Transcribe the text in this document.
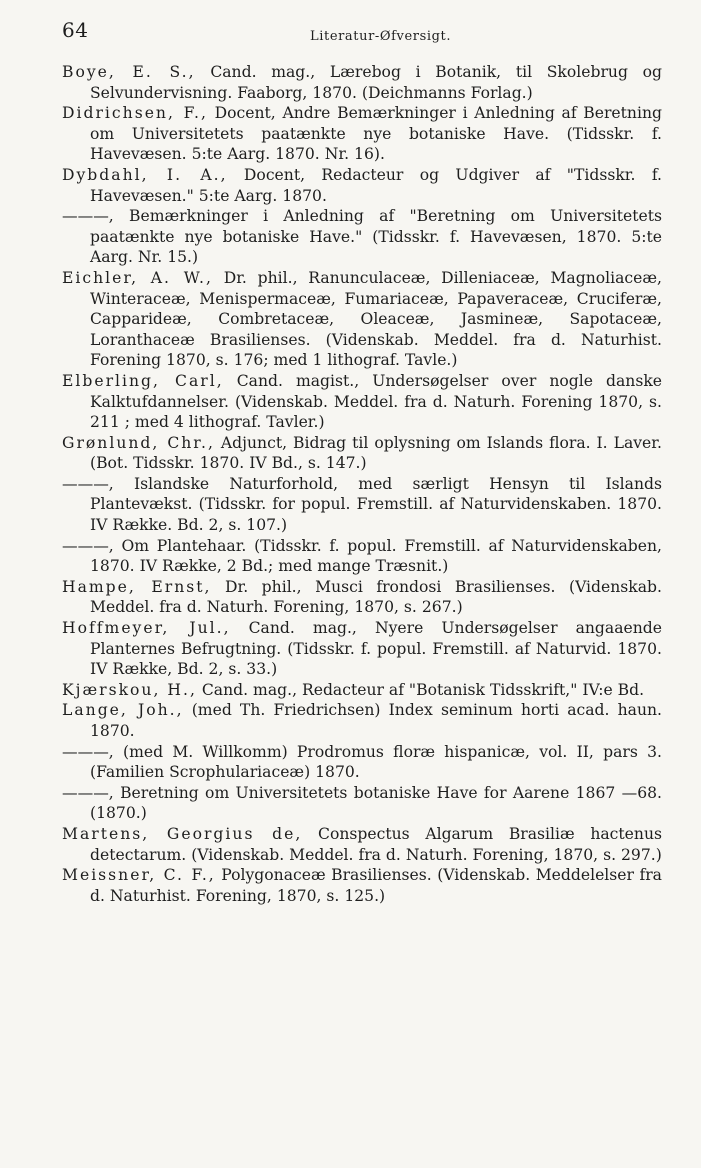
64	Literatur-Øfversigt.

Boye, E. S., Cand. mag., Lærebog i Botanik, til Skolebrug og Selvundervisning. Faaborg, 1870. (Deichmanns Forlag.)

Didrichsen, F., Docent, Andre Bemærkninger i Anledning af Beretning om Universitetets paatænkte nye botaniske Have. (Tidsskr. f. Havevæsen. 5:te Aarg. 1870. Nr. 16).

Dybdahl, I. A., Docent, Redacteur og Udgiver af "Tidsskr. f. Havevæsen." 5:te Aarg. 1870.

———, Bemærkninger i Anledning af "Beretning om Universitetets paatænkte nye botaniske Have." (Tidsskr. f. Havevæsen, 1870. 5:te Aarg. Nr. 15.)

Eichler, A. W., Dr. phil., Ranunculaceæ, Dilleniaceæ, Magnoliaceæ, Winteraceæ, Menispermaceæ, Fumariaceæ, Papaveraceæ, Cruciferæ, Capparideæ, Combretaceæ, Oleaceæ, Jasmineæ, Sapotaceæ, Loranthaceæ Brasilienses. (Videnskab. Meddel. fra d. Naturhist. Forening 1870, s. 176; med 1 lithograf. Tavle.)

Elberling, Carl, Cand. magist., Undersøgelser over nogle danske Kalktufdannelser. (Videnskab. Meddel. fra d. Naturh. Forening 1870, s. 211 ; med 4 lithograf. Tavler.)

Grønlund, Chr., Adjunct, Bidrag til oplysning om Islands flora. I. Laver. (Bot. Tidsskr. 1870. IV Bd., s. 147.)

———, Islandske Naturforhold, med særligt Hensyn til Islands Plantevækst. (Tidsskr. for popul. Fremstill. af Naturvidenskaben. 1870. IV Række. Bd. 2, s. 107.)

———, Om Plantehaar. (Tidsskr. f. popul. Fremstill. af Naturvidenskaben, 1870. IV Række, 2 Bd.; med mange Træsnit.)

Hampe, Ernst, Dr. phil., Musci frondosi Brasilienses. (Videnskab. Meddel. fra d. Naturh. Forening, 1870, s. 267.)

Hoffmeyer, Jul., Cand. mag., Nyere Undersøgelser angaaende Planternes Befrugtning. (Tidsskr. f. popul. Fremstill. af Naturvid. 1870. IV Række, Bd. 2, s. 33.)

Kjærskou, H., Cand. mag., Redacteur af "Botanisk Tidsskrift," IV:e Bd.

Lange, Joh., (med Th. Friedrichsen) Index seminum horti acad. haun. 1870.

———, (med M. Willkomm) Prodromus floræ hispanicæ, vol. II, pars 3. (Familien Scrophulariaceæ) 1870.

———, Beretning om Universitetets botaniske Have for Aarene 1867 —68. (1870.)

Martens, Georgius de, Conspectus Algarum Brasiliæ hactenus detectarum. (Videnskab. Meddel. fra d. Naturh. Forening, 1870, s. 297.)

Meissner, C. F., Polygonaceæ Brasilienses. (Videnskab. Meddelelser fra d. Naturhist. Forening, 1870, s. 125.)
